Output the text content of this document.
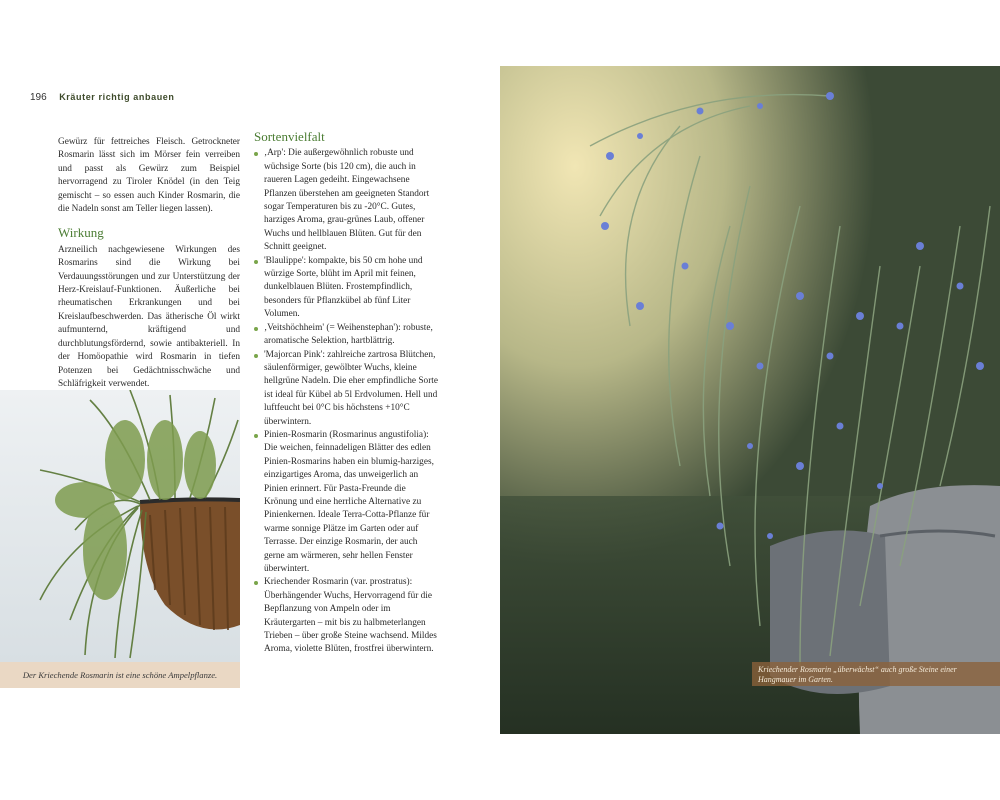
196 Kräuter richtig anbauen

Gewürz für fettreiches Fleisch. Getrockneter Rosmarin lässt sich im Mörser fein verreiben und passt als Gewürz zum Beispiel hervorragend zu Tiroler Knödel (in den Teig gemischt – so essen auch Kinder Rosmarin, die die Nadeln sonst am Teller liegen lassen).

Wirkung

Arzneilich nachgewiesene Wirkungen des Rosmarins sind die Wirkung bei Verdauungsstörungen und zur Unterstützung der Herz-Kreislauf-Funktionen. Äußerliche bei rheumatischen Erkrankungen und bei Kreislaufbeschwerden. Das ätherische Öl wirkt aufmunternd, kräftigend und durchblutungsfördernd, sowie antibakteriell. In der Homöopathie wird Rosmarin in tiefen Potenzen bei Gedächtnisschwäche und Schläfrigkeit verwendet.

Sortenvielfalt
‚Arp': Die außergewöhnlich robuste und wüchsige Sorte (bis 120 cm), die auch in rauеren Lagen gedeiht. Eingewachsene Pflanzen überstehen am geeigneten Standort sogar Temperaturen bis zu -20°C. Gutes, harziges Aroma, grau-grünes Laub, offener Wuchs und hellblauen Blüten. Gut für den Schnitt geeignet.
'Blaulippe': kompakte, bis 50 cm hohe und würzige Sorte, blüht im April mit feinen, dunkelblauen Blüten. Frostempfindlich, besonders für Pflanzkübel ab fünf Liter Volumen.
‚Veitshöchheim' (= Weihenstephan'): robuste, aromatische Selektion, hartblättrig.
'Majorcan Pink': zahlreiche zartrosa Blütchen, säulenförmiger, gewölbter Wuchs, kleine hellgrüne Nadeln. Die eher empfindliche Sorte ist ideal für Kübel ab 5l Erdvolumen. Hell und luftfeucht bei 0°C bis höchstens +10°C überwintern.
Pinien-Rosmarin (Rosmarinus angustifolia): Die weichen, feinnadeligen Blätter des edlen Pinien-Rosmarins haben ein blumig-harziges, einzigartiges Aroma, das unweigerlich an Pinien erinnert. Für Pasta-Freunde die Krönung und eine herrliche Alternative zu Pinienkernen. Ideale Terra-Cotta-Pflanze für warme sonnige Plätze im Garten oder auf Terrasse. Der einzige Rosmarin, der auch gerne am wärmeren, sehr hellen Fenster überwintert.
Kriechender Rosmarin (var. prostratus): Überhängender Wuchs, Hervorragend für die Bepflanzung von Ampeln oder im Kräutergarten – mit bis zu halbmeterlangen Trieben – über große Steine wachsend. Mildes Aroma, violette Blüten, frostfrei überwintern.
Der Kriechende Rosmarin ist eine schöne Ampelpflanze.
Kriechender Rosmarin „überwächst“ auch große Steine einer Hangmauer im Garten.
